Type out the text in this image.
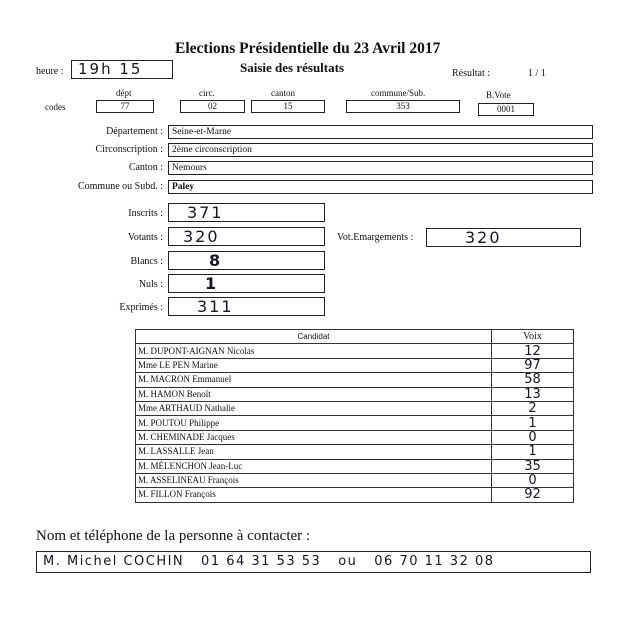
Elections Présidentielle du 23 Avril 2017
Saisie des résultats
heure : 19h 15	Résultat :	1 / 1
codes
dépt
77
circ.
02
canton
15
commune/Sub.
353
B.Vote
0001
Département : Seine-et-Marne
Circonscription : 2ème circonscription
Canton : Nemours
Commune ou Subd. : Paley
Inscrits :	371
Votants :	320	Vot.Emargements :	320
Blancs :	8
Nuls :	1
Exprimés :	311
Candidat	Voix
M. DUPONT-AIGNAN Nicolas	12
Mme LE PEN Marine	97
M. MACRON Emmanuel	58
M. HAMON Benoît	13
Mme ARTHAUD Nathalie	2
M. POUTOU Philippe	1
M. CHEMINADE Jacques	0
M. LASSALLE Jean	1
M. MÉLENCHON Jean-Luc	35
M. ASSELINEAU François	0
M. FILLON François	92
Nom et téléphone de la personne à contacter :
M. Michel COCHIN   01 64 31 53 53   ou   06 70 11 32 08
